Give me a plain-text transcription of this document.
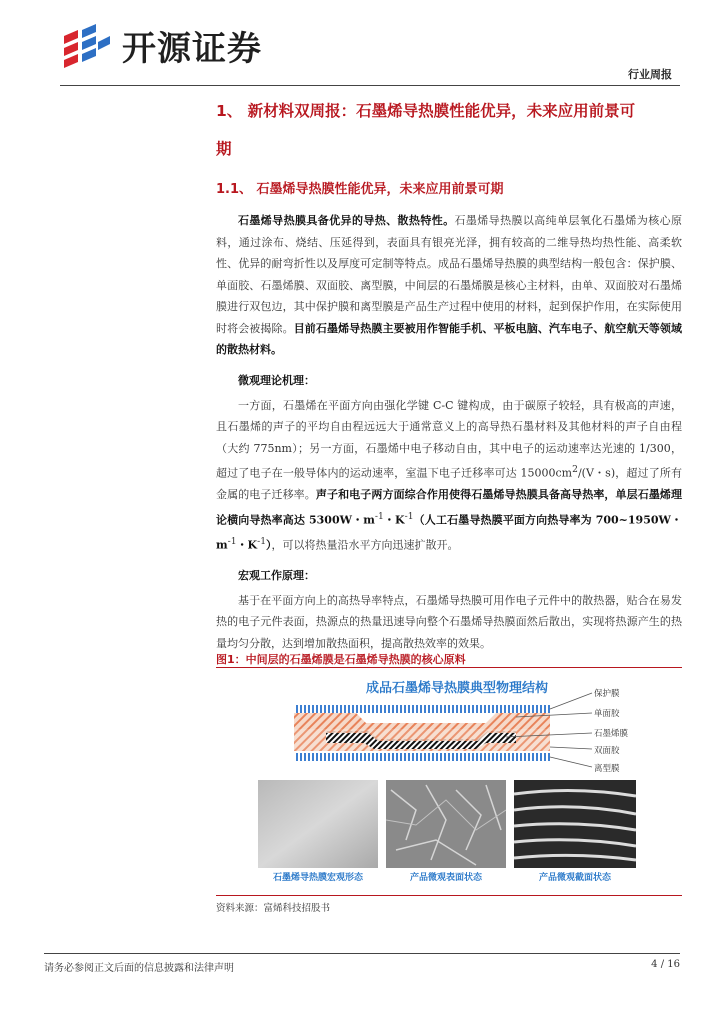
开源证券
行业周报
1、 新材料双周报：石墨烯导热膜性能优异，未来应用前景可
期
1.1、 石墨烯导热膜性能优异，未来应用前景可期

石墨烯导热膜具备优异的导热、散热特性。石墨烯导热膜以高纯单层氧化石墨烯为核心原料，通过涂布、烧结、压延得到，表面具有银亮光泽，拥有较高的二维导热均热性能、高柔软性、优异的耐弯折性以及厚度可定制等特点。成品石墨烯导热膜的典型结构一般包含：保护膜、单面胶、石墨烯膜、双面胶、离型膜，中间层的石墨烯膜是核心主材料，由单、双面胶对石墨烯膜进行双包边，其中保护膜和离型膜是产品生产过程中使用的材料，起到保护作用，在实际使用时将会被揭除。目前石墨烯导热膜主要被用作智能手机、平板电脑、汽车电子、航空航天等领域的散热材料。

微观理论机理：

一方面，石墨烯在平面方向由强化学键 C-C 键构成，由于碳原子较轻，具有极高的声速，且石墨烯的声子的平均自由程远远大于通常意义上的高导热石墨材料及其他材料的声子自由程（大约 775nm）；另一方面，石墨烯中电子移动自由，其中电子的运动速率达光速的 1/300，超过了电子在一般导体内的运动速率，室温下电子迁移率可达 $15000cm^2/(V$・s)，超过了所有金属的电子迁移率。声子和电子两方面综合作用使得石墨烯导热膜具备高导热率，单层石墨烯理论横向导热率高达 5300W・$m^{-1}$・$K^{-1}$（人工石墨导热膜平面方向热导率为 700~1950W・$m^{-1}$・$K^{-1}$），可以将热量沿水平方向迅速扩散开。

宏观工作原理：

基于在平面方向上的高热导率特点，石墨烯导热膜可用作电子元件中的散热器，贴合在易发热的电子元件表面，热源点的热量迅速导向整个石墨烯导热膜面然后散出，实现将热源产生的热量均匀分散，达到增加散热面积，提高散热效率的效果。

图1：中间层的石墨烯膜是石墨烯导热膜的核心原料
成品石墨烯导热膜典型物理结构	保护膜
单面胶
石墨烯膜
双面胶
离型膜
石墨烯导热膜宏观形态	产品微观表面状态	产品微观截面状态
资料来源：富烯科技招股书
请务必参阅正文后面的信息披露和法律声明	4 / 16
